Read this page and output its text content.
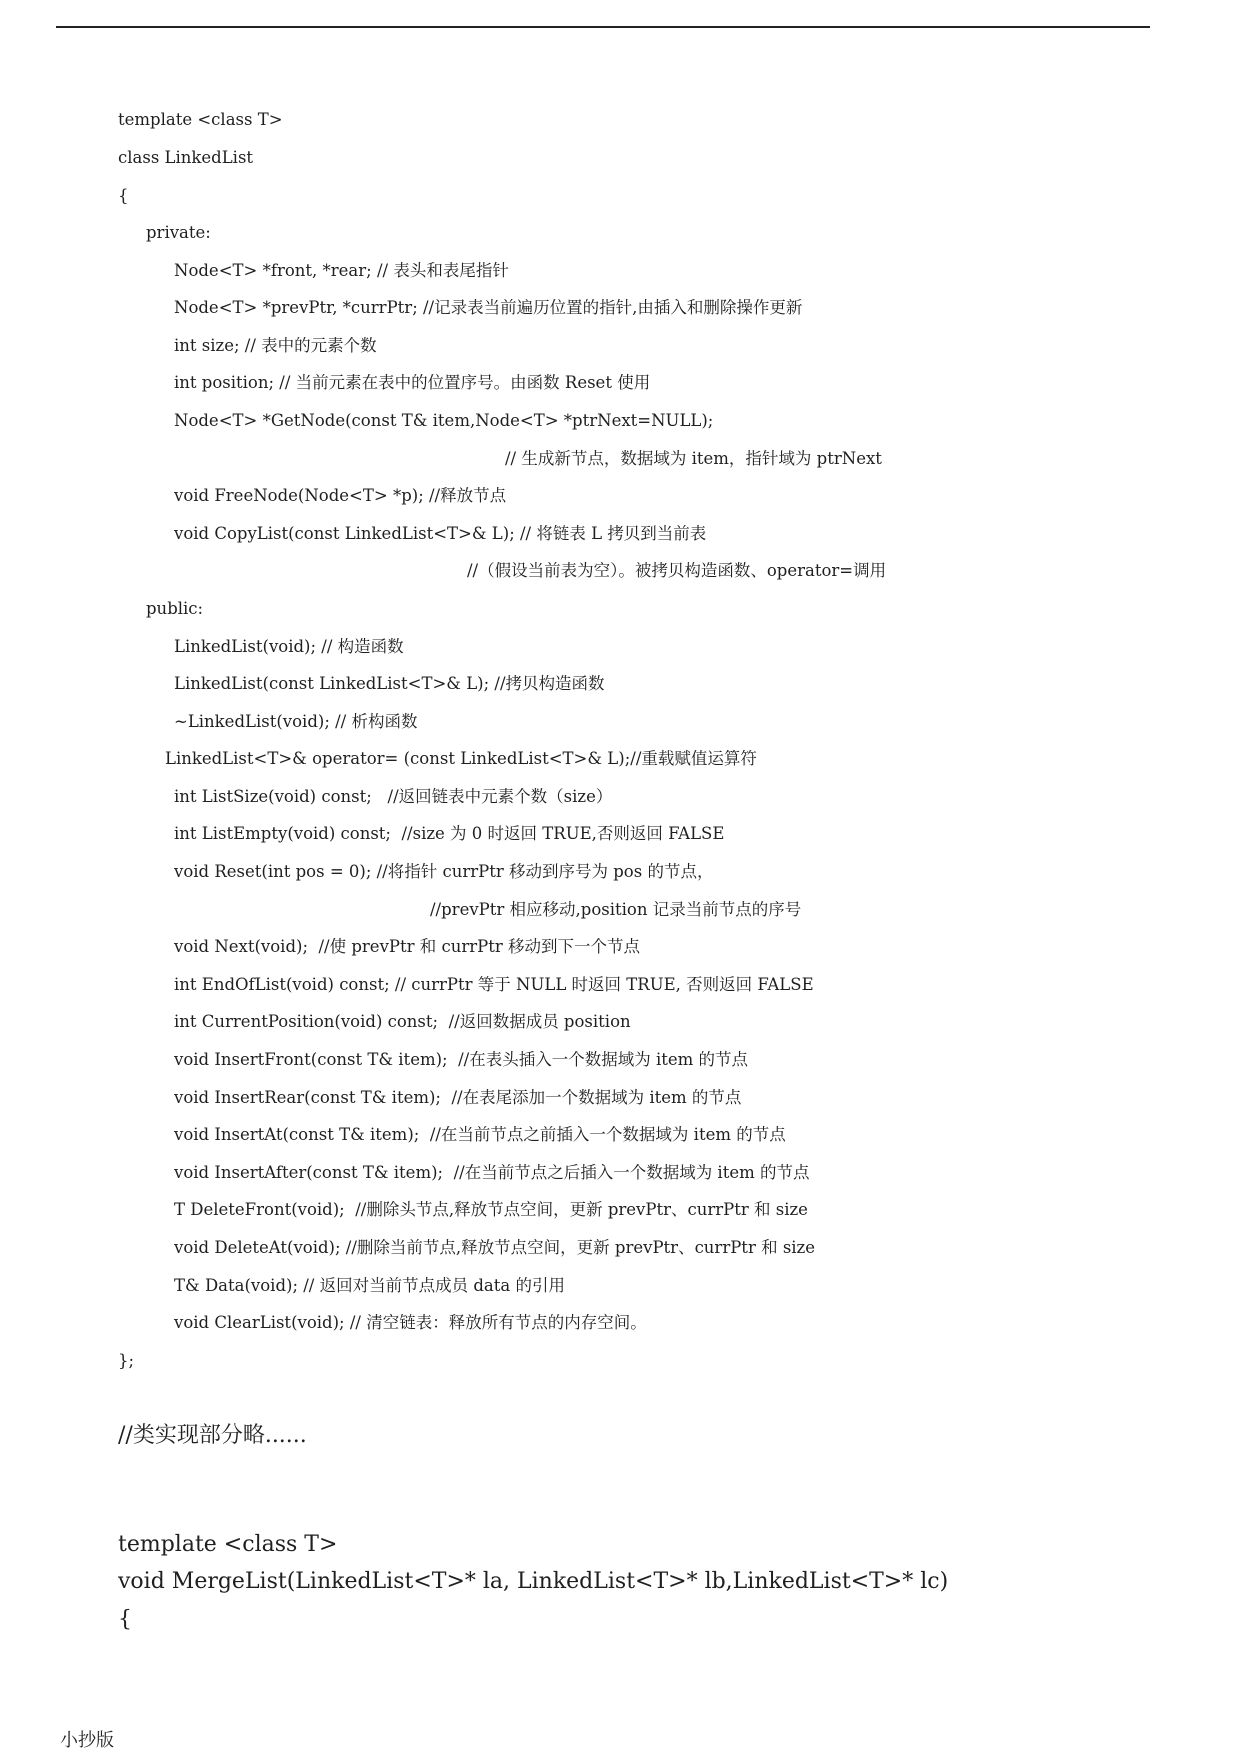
template <class T>
class LinkedList
{
private:
Node<T> *front, *rear; // 表头和表尾指针
Node<T> *prevPtr, *currPtr; //记录表当前遍历位置的指针,由插入和删除操作更新
int size; // 表中的元素个数
int position; // 当前元素在表中的位置序号。由函数 Reset 使用
Node<T> *GetNode(const T& item,Node<T> *ptrNext=NULL);
// 生成新节点，数据域为 item，指针域为 ptrNext
void FreeNode(Node<T> *p); //释放节点
void CopyList(const LinkedList<T>& L); // 将链表 L 拷贝到当前表
//（假设当前表为空）。被拷贝构造函数、operator=调用
public:
LinkedList(void); // 构造函数
LinkedList(const LinkedList<T>& L); //拷贝构造函数
~LinkedList(void); // 析构函数
LinkedList<T>& operator= (const LinkedList<T>& L);//重载赋值运算符
int ListSize(void) const;   //返回链表中元素个数（size）
int ListEmpty(void) const;  //size 为 0 时返回 TRUE,否则返回 FALSE
void Reset(int pos = 0); //将指针 currPtr 移动到序号为 pos 的节点，
//prevPtr 相应移动,position 记录当前节点的序号
void Next(void);  //使 prevPtr 和 currPtr 移动到下一个节点
int EndOfList(void) const; // currPtr 等于 NULL 时返回 TRUE, 否则返回 FALSE
int CurrentPosition(void) const;  //返回数据成员 position
void InsertFront(const T& item);  //在表头插入一个数据域为 item 的节点
void InsertRear(const T& item);  //在表尾添加一个数据域为 item 的节点
void InsertAt(const T& item);  //在当前节点之前插入一个数据域为 item 的节点
void InsertAfter(const T& item);  //在当前节点之后插入一个数据域为 item 的节点
T DeleteFront(void);  //删除头节点,释放节点空间，更新 prevPtr、currPtr 和 size
void DeleteAt(void); //删除当前节点,释放节点空间，更新 prevPtr、currPtr 和 size
T& Data(void); // 返回对当前节点成员 data 的引用
void ClearList(void); // 清空链表：释放所有节点的内存空间。
};
//类实现部分略......
template <class T>
void MergeList(LinkedList<T>* la, LinkedList<T>* lb,LinkedList<T>* lc)
{
小抄版
